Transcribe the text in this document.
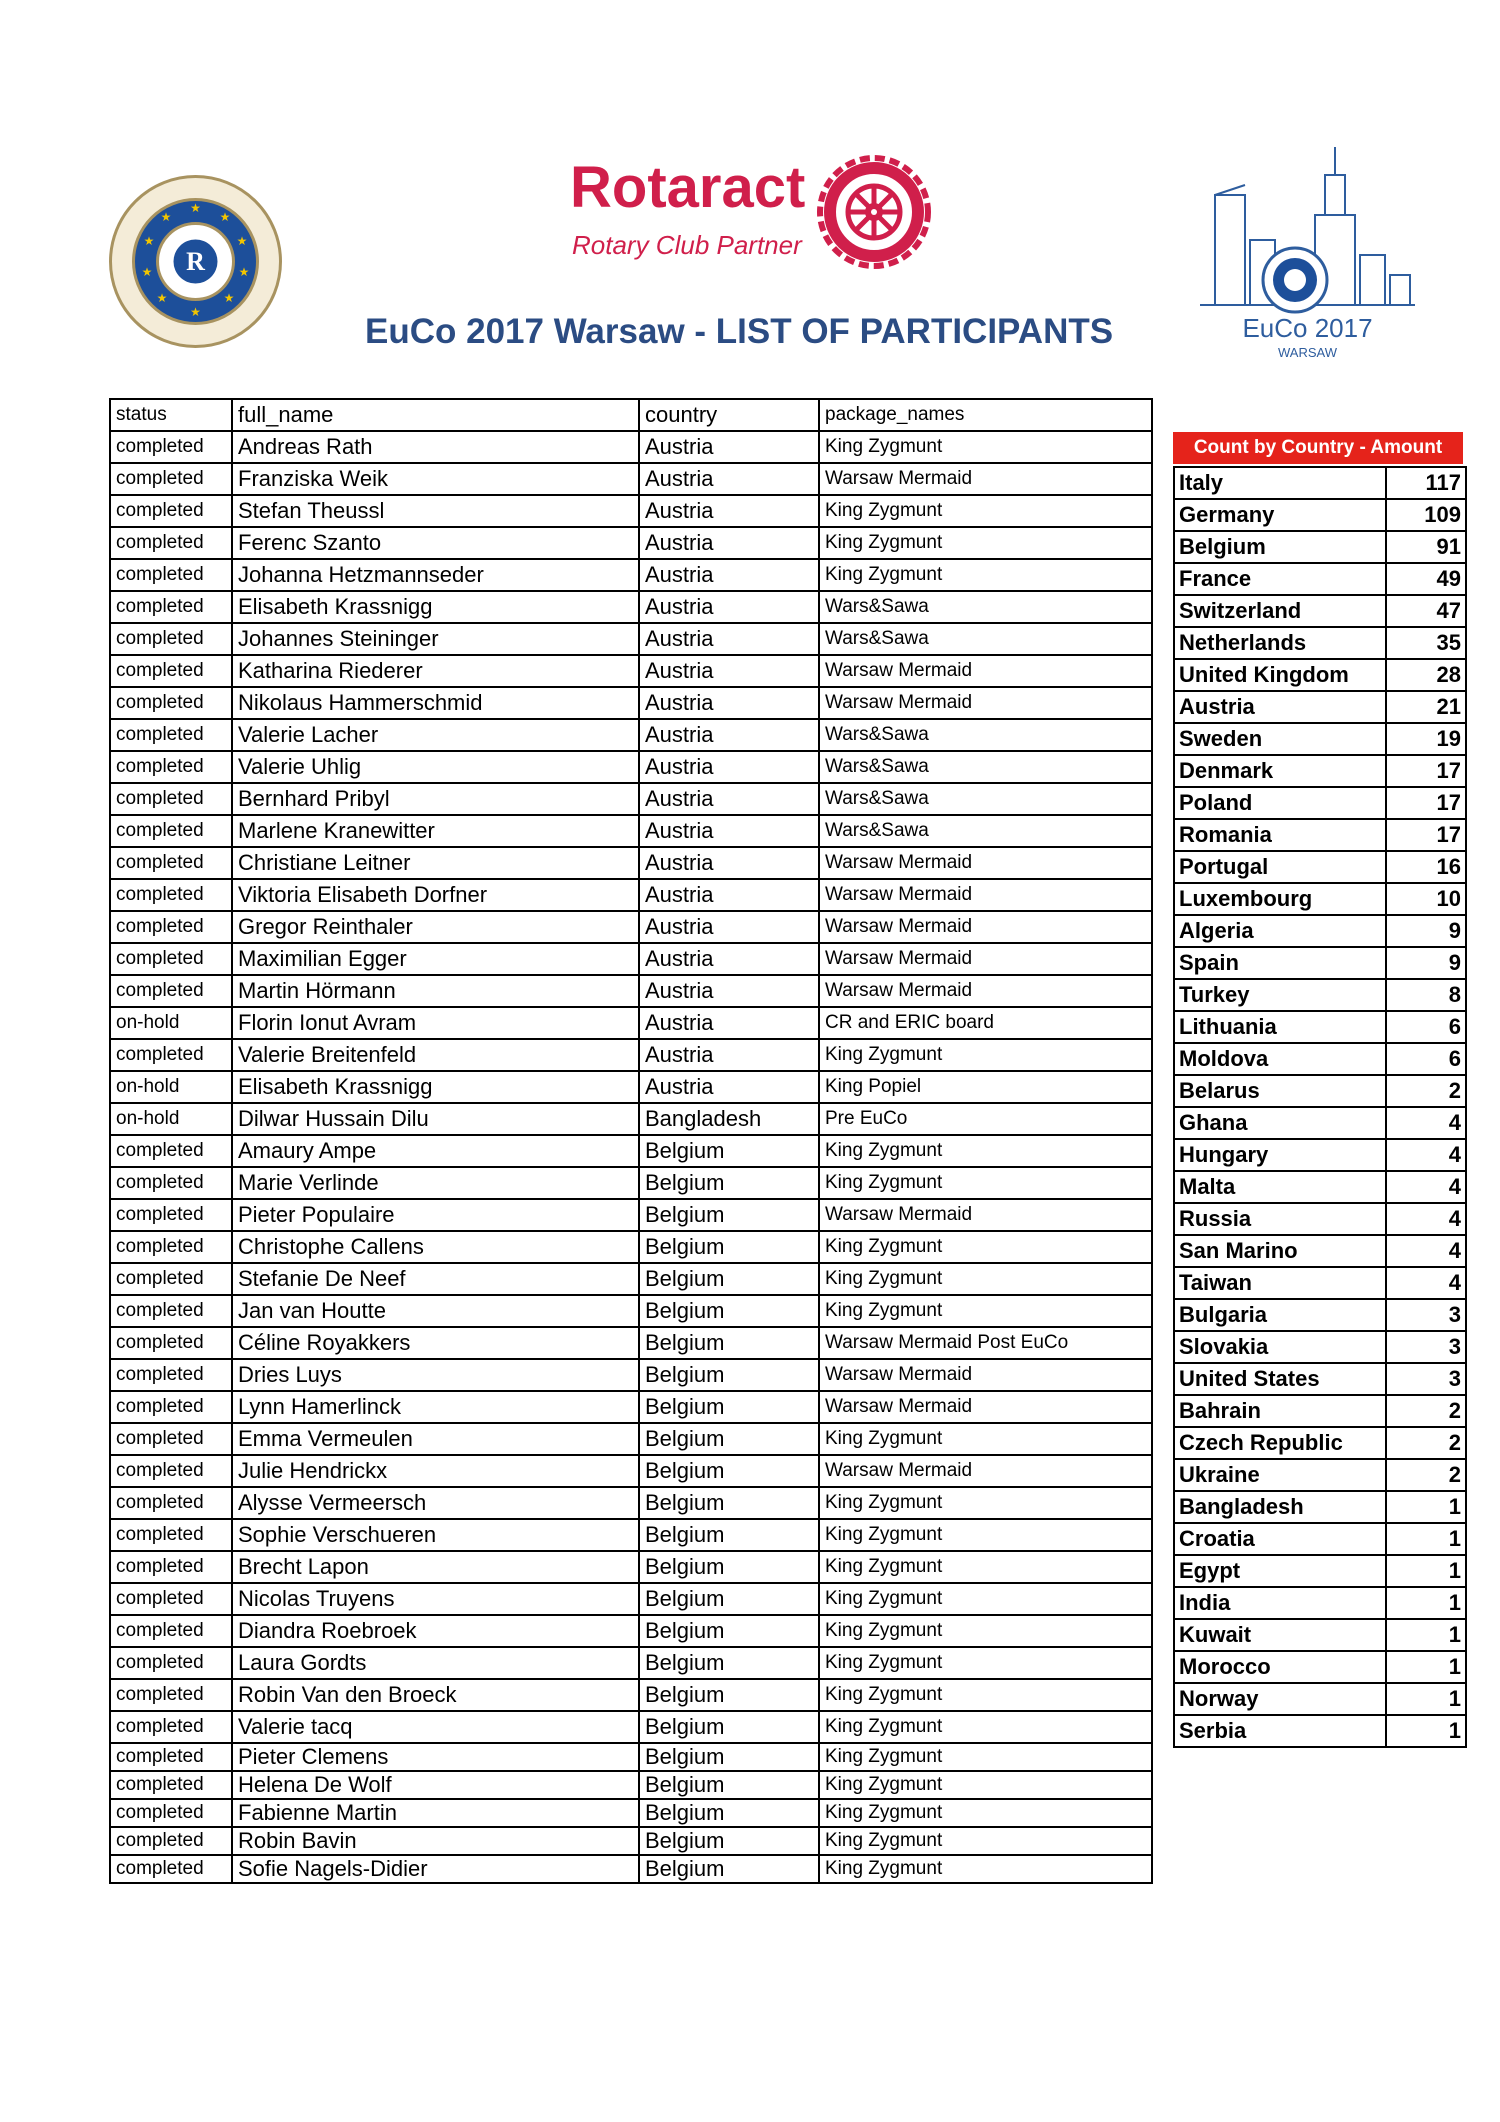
R
★
★
★
★
★
★
★
★
★
★	Rotaract
Rotary Club Partner
EuCo 2017
WARSAW
EuCo 2017 Warsaw - LIST OF PARTICIPANTS
status	full_name	country	package_names
completed	Andreas Rath	Austria	King Zygmunt
completed	Franziska Weik	Austria	Warsaw Mermaid
completed	Stefan Theussl	Austria	King Zygmunt
completed	Ferenc Szanto	Austria	King Zygmunt
completed	Johanna Hetzmannseder	Austria	King Zygmunt
completed	Elisabeth Krassnigg	Austria	Wars&Sawa
completed	Johannes Steininger	Austria	Wars&Sawa
completed	Katharina Riederer	Austria	Warsaw Mermaid
completed	Nikolaus Hammerschmid	Austria	Warsaw Mermaid
completed	Valerie Lacher	Austria	Wars&Sawa
completed	Valerie Uhlig	Austria	Wars&Sawa
completed	Bernhard Pribyl	Austria	Wars&Sawa
completed	Marlene Kranewitter	Austria	Wars&Sawa
completed	Christiane Leitner	Austria	Warsaw Mermaid
completed	Viktoria Elisabeth Dorfner	Austria	Warsaw Mermaid
completed	Gregor Reinthaler	Austria	Warsaw Mermaid
completed	Maximilian Egger	Austria	Warsaw Mermaid
completed	Martin Hörmann	Austria	Warsaw Mermaid
on-hold	Florin Ionut Avram	Austria	CR and ERIC board
completed	Valerie Breitenfeld	Austria	King Zygmunt
on-hold	Elisabeth Krassnigg	Austria	King Popiel
on-hold	Dilwar Hussain Dilu	Bangladesh	Pre EuCo
completed	Amaury Ampe	Belgium	King Zygmunt
completed	Marie Verlinde	Belgium	King Zygmunt
completed	Pieter Populaire	Belgium	Warsaw Mermaid
completed	Christophe Callens	Belgium	King Zygmunt
completed	Stefanie De Neef	Belgium	King Zygmunt
completed	Jan van Houtte	Belgium	King Zygmunt
completed	Céline Royakkers	Belgium	Warsaw Mermaid Post EuCo
completed	Dries Luys	Belgium	Warsaw Mermaid
completed	Lynn Hamerlinck	Belgium	Warsaw Mermaid
completed	Emma Vermeulen	Belgium	King Zygmunt
completed	Julie Hendrickx	Belgium	Warsaw Mermaid
completed	Alysse Vermeersch	Belgium	King Zygmunt
completed	Sophie Verschueren	Belgium	King Zygmunt
completed	Brecht Lapon	Belgium	King Zygmunt
completed	Nicolas Truyens	Belgium	King Zygmunt
completed	Diandra Roebroek	Belgium	King Zygmunt
completed	Laura Gordts	Belgium	King Zygmunt
completed	Robin Van den Broeck	Belgium	King Zygmunt
completed	Valerie tacq	Belgium	King Zygmunt
completed	Pieter Clemens	Belgium	King Zygmunt
completed	Helena De Wolf	Belgium	King Zygmunt
completed	Fabienne Martin	Belgium	King Zygmunt
completed	Robin Bavin	Belgium	King Zygmunt
completed	Sofie Nagels-Didier	Belgium	King Zygmunt
Count by Country - Amount
Italy	117
Germany	109
Belgium	91
France	49
Switzerland	47
Netherlands	35
United Kingdom	28
Austria	21
Sweden	19
Denmark	17
Poland	17
Romania	17
Portugal	16
Luxembourg	10
Algeria	9
Spain	9
Turkey	8
Lithuania	6
Moldova	6
Belarus	2
Ghana	4
Hungary	4
Malta	4
Russia	4
San Marino	4
Taiwan	4
Bulgaria	3
Slovakia	3
United States	3
Bahrain	2
Czech Republic	2
Ukraine	2
Bangladesh	1
Croatia	1
Egypt	1
India	1
Kuwait	1
Morocco	1
Norway	1
Serbia	1
